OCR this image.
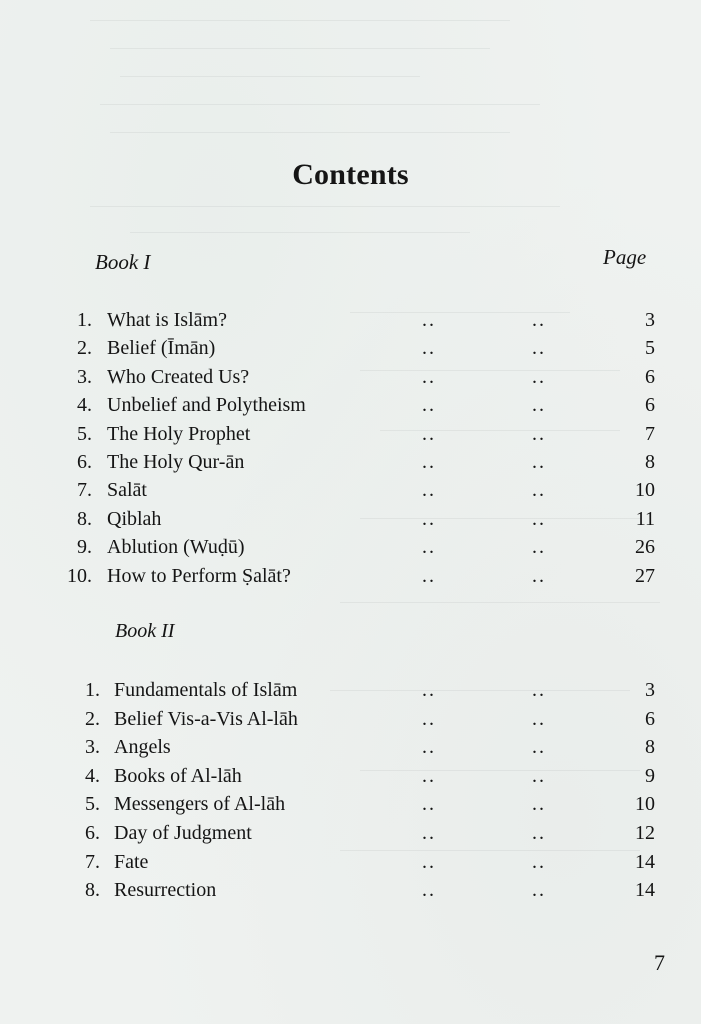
Contents
Book I	Page
1. What is Islām?	..	..	3
2. Belief (Īmān)	..	..	5
3. Who Created Us?	..	..	6
4. Unbelief and Polytheism	..	..	6
5. The Holy Prophet	..	..	7
6. The Holy Qur-ān	..	..	8
7. Salāt	..	..	10
8. Qiblah	..	..	11
9. Ablution (Wuḍū)	..	..	26
10. How to Perform Ṣalāt?	..	..	27
Book II
1. Fundamentals of Islām	..	..	3
2. Belief Vis-a-Vis Al-lāh	..	..	6
3. Angels	..	..	8
4. Books of Al-lāh	..	..	9
5. Messengers of Al-lāh	..	..	10
6. Day of Judgment	..	..	12
7. Fate	..	..	14
8. Resurrection	..	..	14
7
